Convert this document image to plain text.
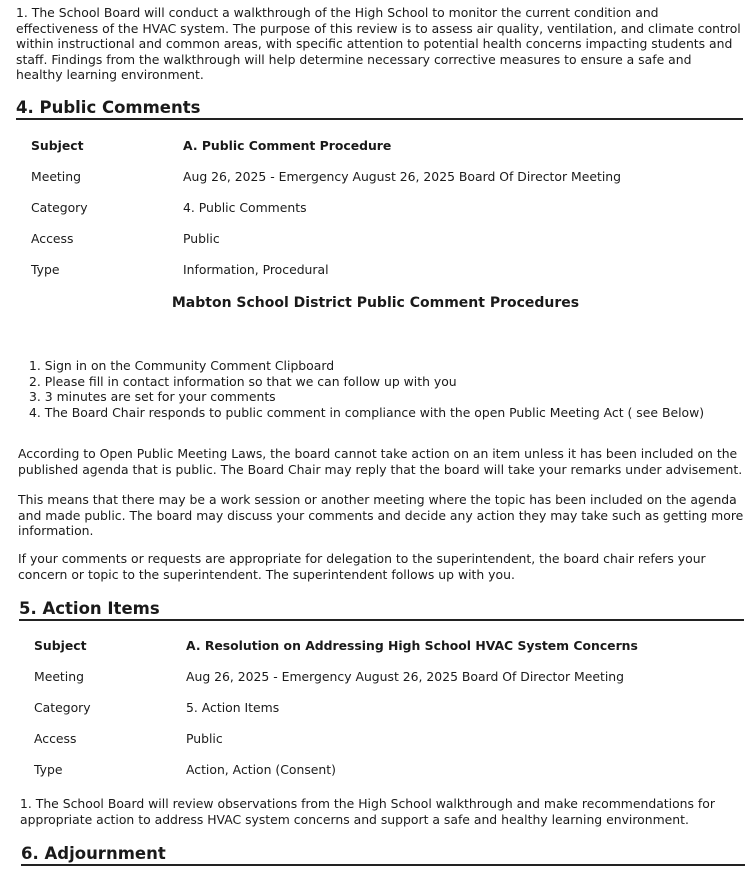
1. The School Board will conduct a walkthrough of the High School to monitor the current condition and effectiveness of the HVAC system. The purpose of this review is to assess air quality, ventilation, and climate control within instructional and common areas, with specific attention to potential health concerns impacting students and staff. Findings from the walkthrough will help determine necessary corrective measures to ensure a safe and healthy learning environment.

4. Public Comments
Subject	A. Public Comment Procedure
Meeting	Aug 26, 2025 - Emergency August 26, 2025 Board Of Director Meeting
Category	4. Public Comments
Access	Public
Type	Information, Procedural
Mabton School District Public Comment Procedures
1. Sign in on the Community Comment Clipboard
2. Please fill in contact information so that we can follow up with you
3. 3 minutes are set for your comments
4. The Board Chair responds to public comment in compliance with the open Public Meeting Act ( see Below)

According to Open Public Meeting Laws, the board cannot take action on an item unless it has been included on the published agenda that is public. The Board Chair may reply that the board will take your remarks under advisement.

This means that there may be a work session or another meeting where the topic has been included on the agenda and made public. The board may discuss your comments and decide any action they may take such as getting more information.

If your comments or requests are appropriate for delegation to the superintendent, the board chair refers your concern or topic to the superintendent. The superintendent follows up with you.

5. Action Items
Subject	A. Resolution on Addressing High School HVAC System Concerns
Meeting	Aug 26, 2025 - Emergency August 26, 2025 Board Of Director Meeting
Category	5. Action Items
Access	Public
Type	Action, Action (Consent)

1. The School Board will review observations from the High School walkthrough and make recommendations for appropriate action to address HVAC system concerns and support a safe and healthy learning environment.

6. Adjournment
